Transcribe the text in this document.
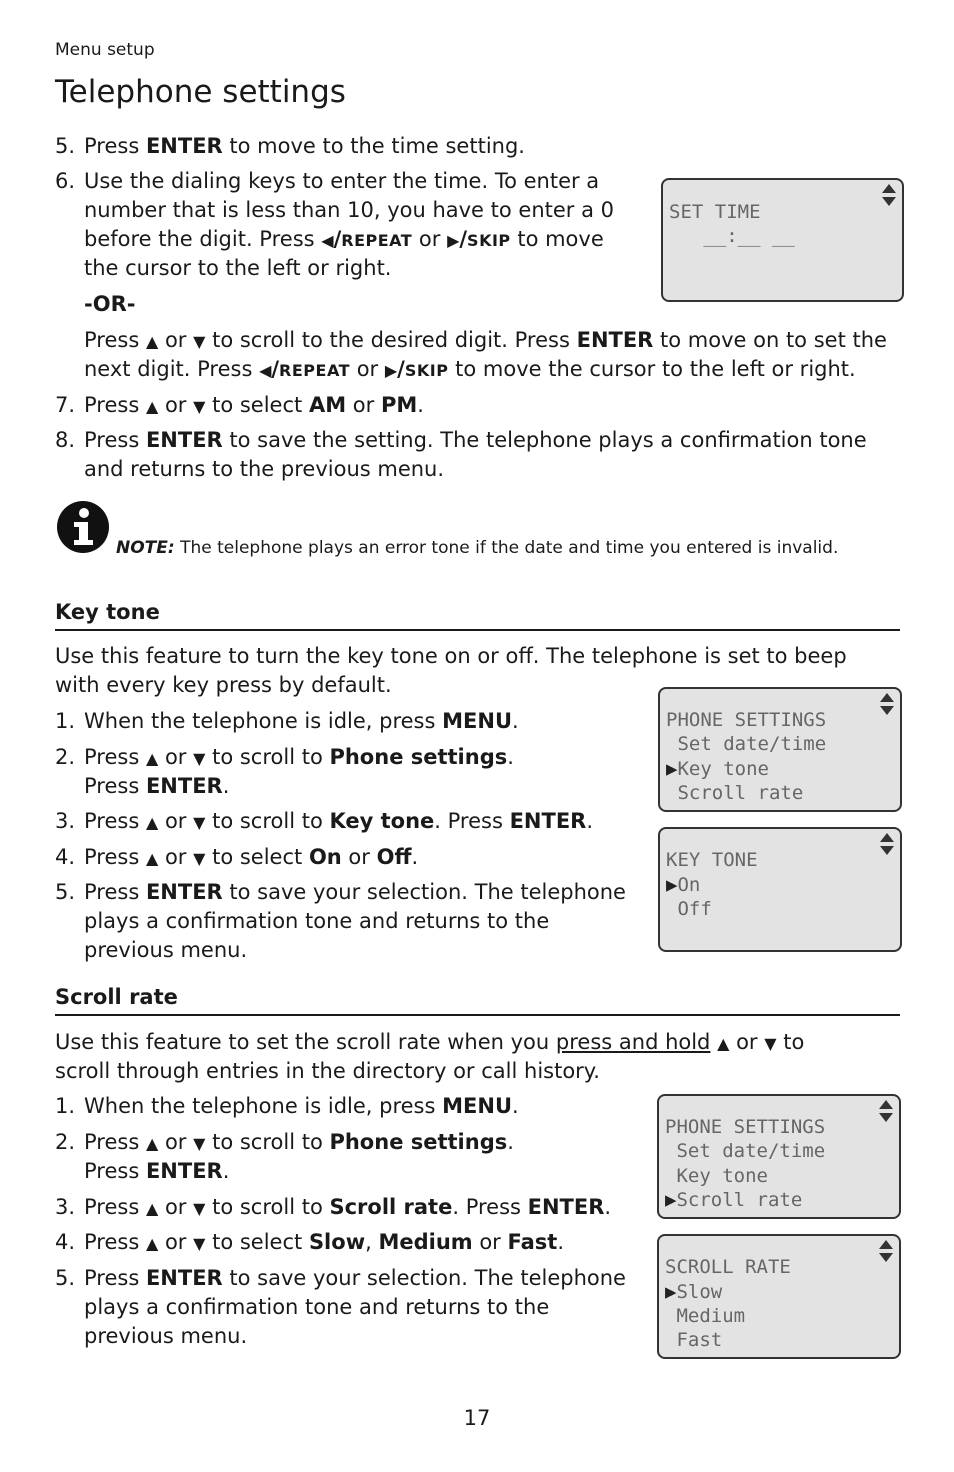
Menu setup
Telephone settings
5. Press ENTER to move to the time setting.
6. Use the dialing keys to enter the time. To enter a
number that is less than 10, you have to enter a 0
before the digit. Press ◀/REPEAT or ▶/SKIP to move
the cursor to the left or right.
-OR-
Press ▲ or ▼ to scroll to the desired digit. Press ENTER to move on to set the
next digit. Press ◀/REPEAT or ▶/SKIP to move the cursor to the left or right.
7. Press ▲ or ▼ to select AM or PM.
8. Press ENTER to save the setting. The telephone plays a confirmation tone
and returns to the previous menu.
SET TIME
__:__ __
NOTE: The telephone plays an error tone if the date and time you entered is invalid.
Key tone
Use this feature to turn the key tone on or off. The telephone is set to beep
with every key press by default.
1. When the telephone is idle, press MENU.
2. Press ▲ or ▼ to scroll to Phone settings.
Press ENTER.
3. Press ▲ or ▼ to scroll to Key tone. Press ENTER.
4. Press ▲ or ▼ to select On or Off.
5. Press ENTER to save your selection. The telephone
plays a confirmation tone and returns to the
previous menu.
PHONE SETTINGS
Set date/time
▶Key tone
Scroll rate
KEY TONE
▶On
Off
Scroll rate
Use this feature to set the scroll rate when you press and hold ▲ or ▼ to
scroll through entries in the directory or call history.
1. When the telephone is idle, press MENU.
2. Press ▲ or ▼ to scroll to Phone settings.
Press ENTER.
3. Press ▲ or ▼ to scroll to Scroll rate. Press ENTER.
4. Press ▲ or ▼ to select Slow, Medium or Fast.
5. Press ENTER to save your selection. The telephone
plays a confirmation tone and returns to the
previous menu.
PHONE SETTINGS
Set date/time
Key tone
▶Scroll rate
SCROLL RATE
▶Slow
Medium
Fast
17
